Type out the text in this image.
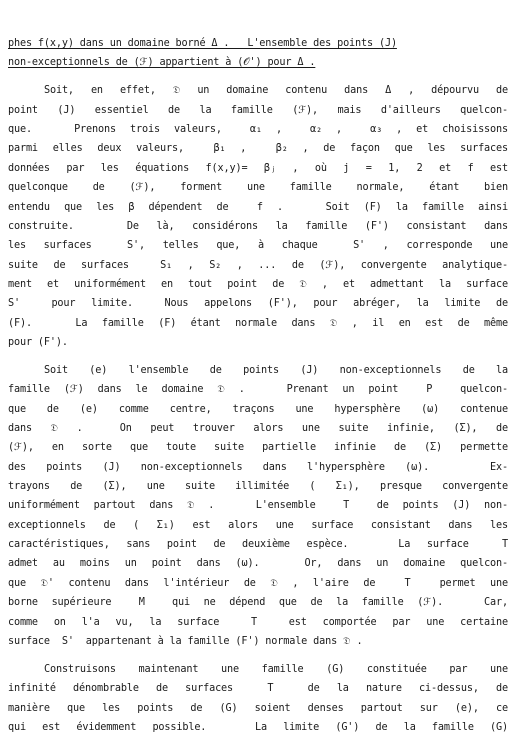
phes f(x,y) dans un domaine borné Δ .   L'ensemble des points (J)
non-exceptionnels de (ℱ) appartient à (𝒪') pour Δ .
Soit, en effet, 𝔇 un domaine contenu dans Δ , dépourvu de
point (J) essentiel de la famille (ℱ), mais d'ailleurs quelcon-
que.   Prenons trois valeurs,  α₁ ,  α₂ ,  α₃ , et choisissons
parmi elles deux valeurs,  β₁ ,  β₂ , de façon que les surfaces
données par les équations f(x,y)= βⱼ , où j = 1, 2 et f est
quelconque de (ℱ), forment une famille normale, étant bien
entendu que les β dépendent de  f .   Soit (F) la famille ainsi
construite.   De là, considérons la famille (F') consistant dans
les surfaces  S', telles que, à chaque  S' , corresponde une
suite de surfaces  S₁ , S₂ , ... de (ℱ), convergente analytique-
ment et uniformément en tout point de 𝔇 , et admettant la surface
S'  pour limite.  Nous appelons (F'), pour abréger, la limite de
(F).   La famille (F) étant normale dans 𝔇 , il en est de même
pour (F').
Soit (e) l'ensemble de points (J) non-exceptionnels de la
famille (ℱ) dans le domaine 𝔇 .   Prenant un point  P  quelcon-
que de (e) comme centre, traçons une hypersphère (ω) contenue
dans 𝔇 .  On peut trouver alors une suite infinie, (Σ), de
(ℱ), en sorte que toute suite partielle infinie de (Σ) permette
des points (J) non-exceptionnels dans l'hypersphère (ω).   Ex-
trayons de (Σ), une suite illimitée ( Σ₁), presque convergente
uniformément partout dans 𝔇 .   L'ensemble  T  de points (J) non-
exceptionnels de ( Σ₁) est alors une surface consistant dans les
caractéristiques, sans point de deuxième espèce.   La surface  T
admet au moins un point dans (ω).   Or, dans un domaine quelcon-
que 𝔇' contenu dans l'intérieur de 𝔇 , l'aire de  T  permet une
borne supérieure  M  qui ne dépend que de la famille (ℱ).   Car,
comme on l'a vu, la surface  T  est comportée par une certaine
surface  S'  appartenant à la famille (F') normale dans 𝔇 .
Construisons maintenant une famille (G) constituée par une
infinité dénombrable de surfaces  T  de la nature ci-dessus, de
manière que les points de (G) soient denses partout sur (e), ce
qui est évidemment possible.   La limite (G') de la famille (G)
